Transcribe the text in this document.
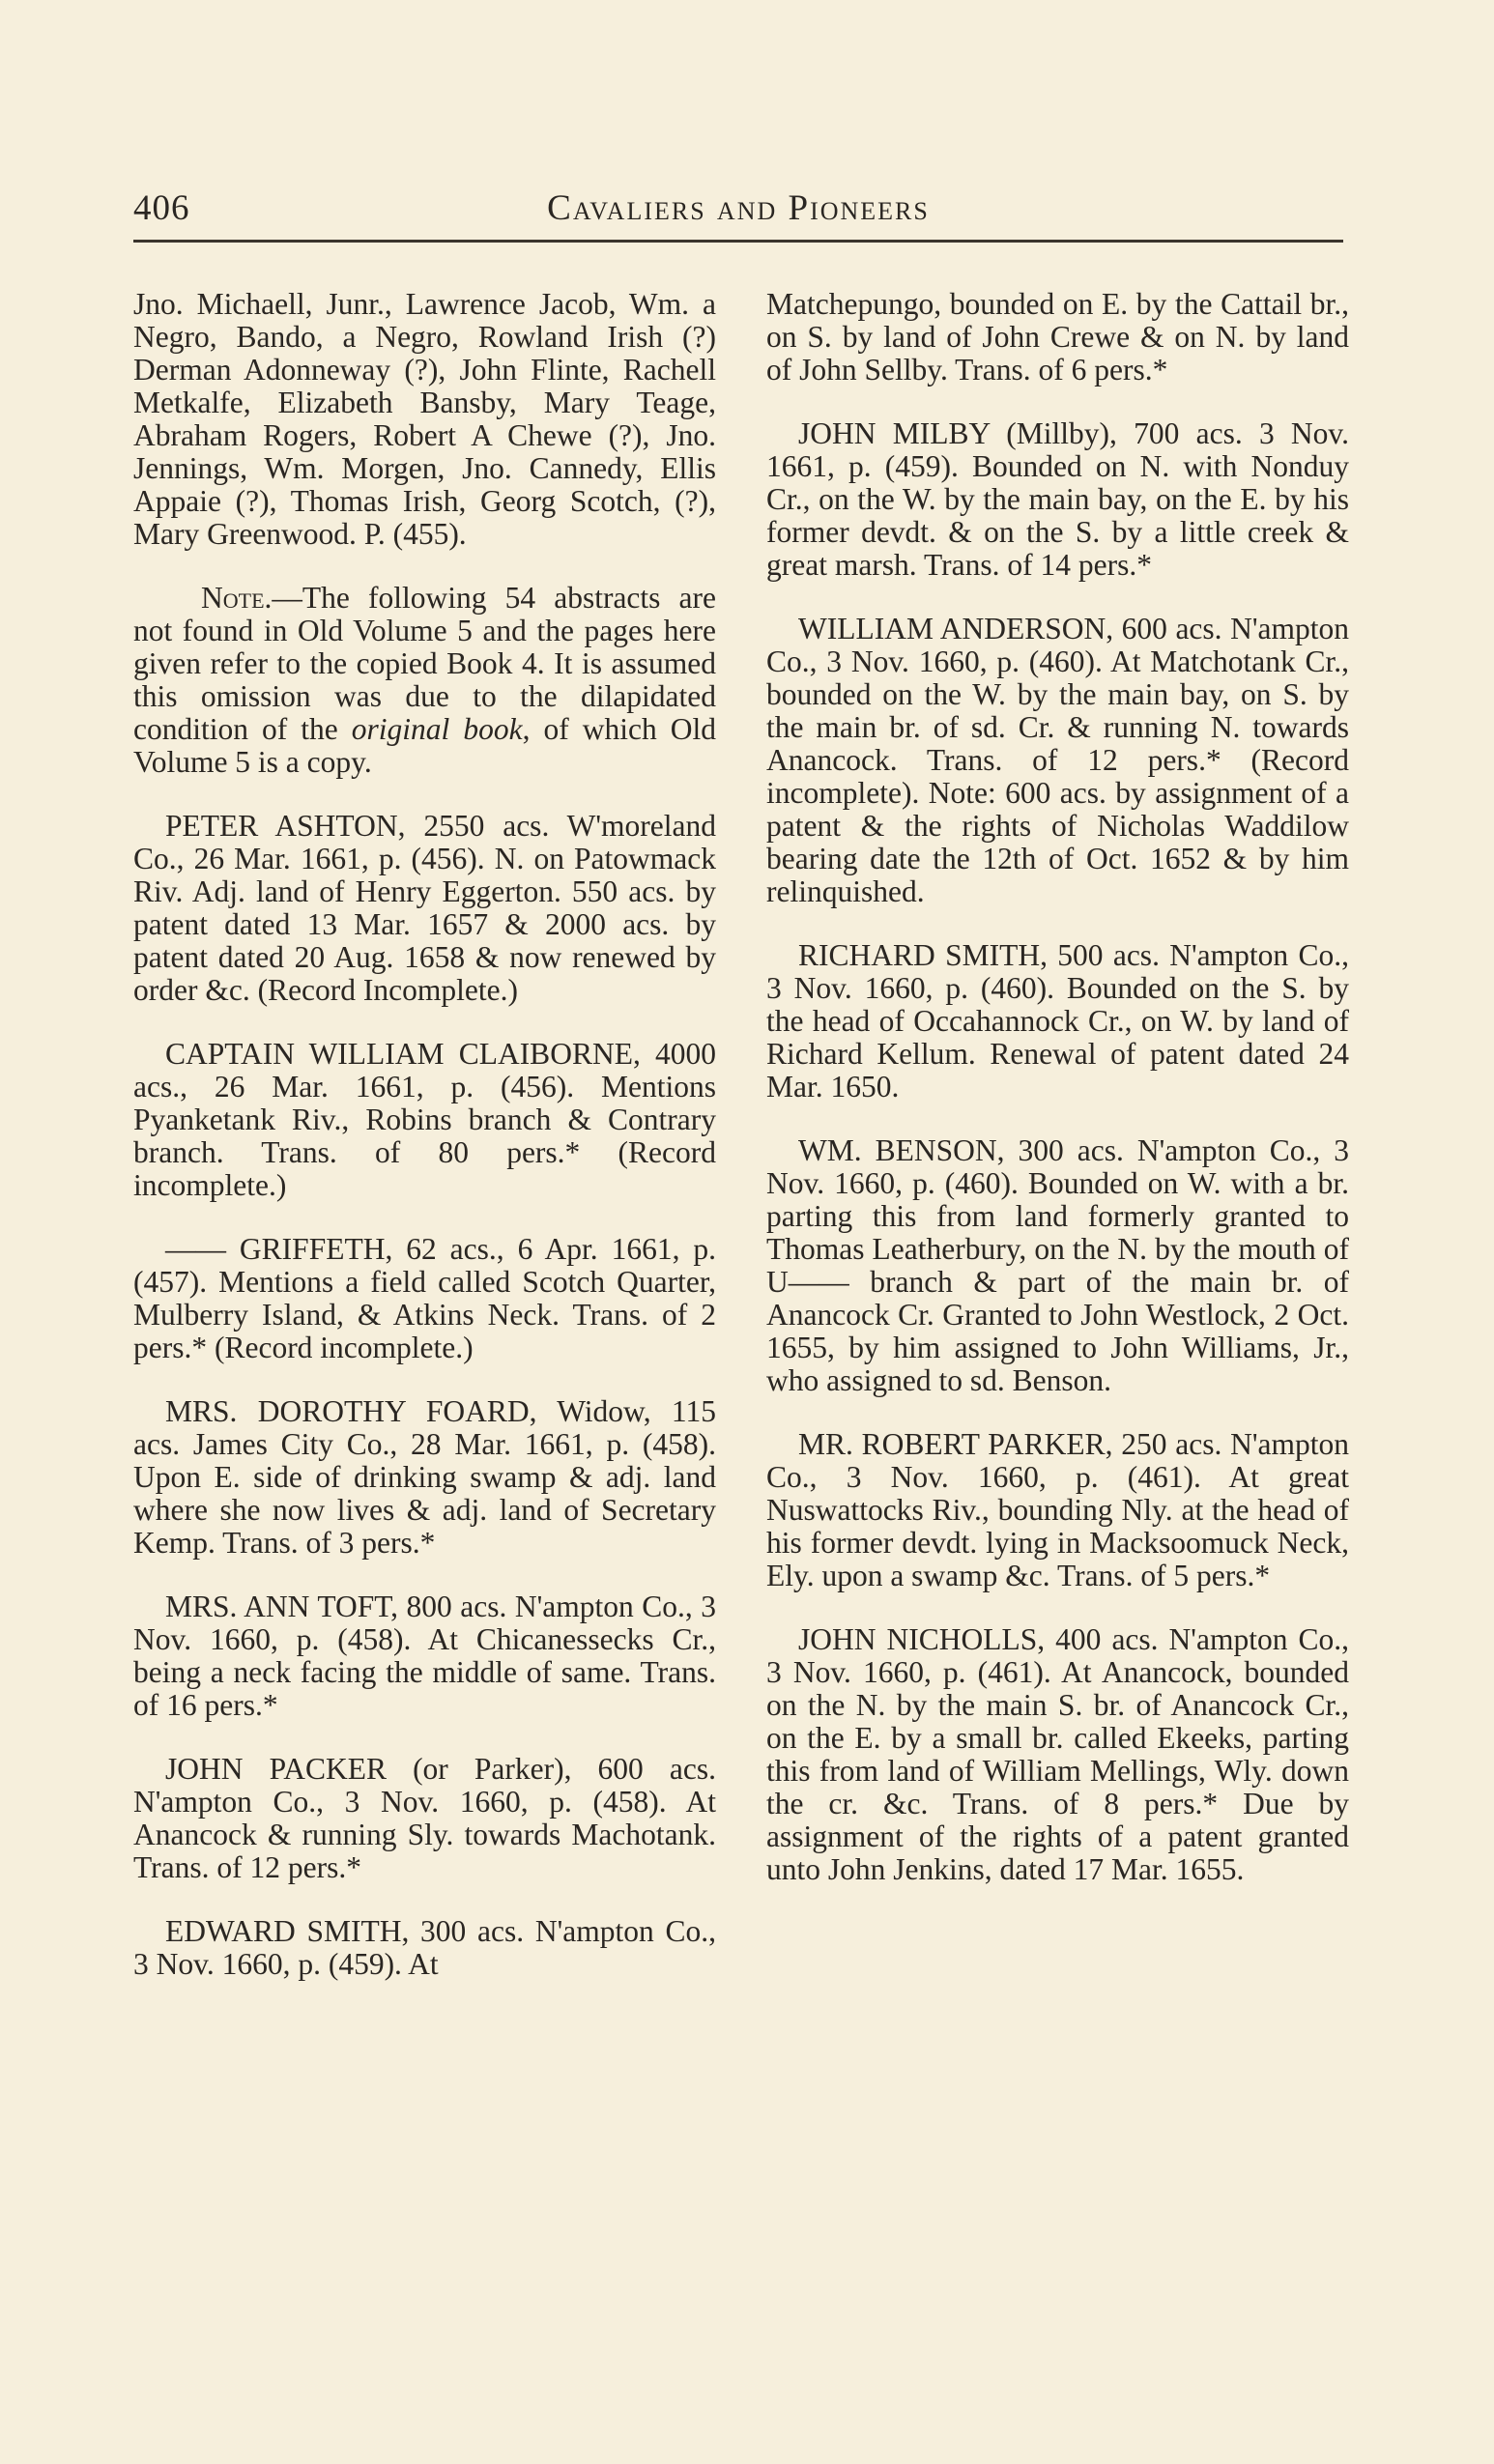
406	Cavaliers and Pioneers

Jno. Michaell, Junr., Lawrence Jacob, Wm. a Negro, Bando, a Negro, Rowland Irish (?) Derman Adonneway (?), John Flinte, Rachell Metkalfe, Elizabeth Bansby, Mary Teage, Abraham Rogers, Robert A Chewe (?), Jno. Jennings, Wm. Morgen, Jno. Cannedy, Ellis Appaie (?), Thomas Irish, Georg Scotch, (?), Mary Greenwood. P. (455).

Note.—The following 54 abstracts are not found in Old Volume 5 and the pages here given refer to the copied Book 4. It is assumed this omission was due to the dilapidated condition of the original book, of which Old Volume 5 is a copy.

PETER ASHTON, 2550 acs. W'moreland Co., 26 Mar. 1661, p. (456). N. on Patowmack Riv. Adj. land of Henry Eggerton. 550 acs. by patent dated 13 Mar. 1657 & 2000 acs. by patent dated 20 Aug. 1658 & now renewed by order &c. (Record Incomplete.)

CAPTAIN WILLIAM CLAIBORNE, 4000 acs., 26 Mar. 1661, p. (456). Mentions Pyanketank Riv., Robins branch & Contrary branch. Trans. of 80 pers.* (Record incomplete.)

—— GRIFFETH, 62 acs., 6 Apr. 1661, p. (457). Mentions a field called Scotch Quarter, Mulberry Island, & Atkins Neck. Trans. of 2 pers.* (Record incomplete.)

MRS. DOROTHY FOARD, Widow, 115 acs. James City Co., 28 Mar. 1661, p. (458). Upon E. side of drinking swamp & adj. land where she now lives & adj. land of Secretary Kemp. Trans. of 3 pers.*

MRS. ANN TOFT, 800 acs. N'ampton Co., 3 Nov. 1660, p. (458). At Chicanessecks Cr., being a neck facing the middle of same. Trans. of 16 pers.*

JOHN PACKER (or Parker), 600 acs. N'ampton Co., 3 Nov. 1660, p. (458). At Anancock & running Sly. towards Machotank. Trans. of 12 pers.*

EDWARD SMITH, 300 acs. N'ampton Co., 3 Nov. 1660, p. (459). At

Matchepungo, bounded on E. by the Cattail br., on S. by land of John Crewe & on N. by land of John Sellby. Trans. of 6 pers.*

JOHN MILBY (Millby), 700 acs. 3 Nov. 1661, p. (459). Bounded on N. with Nonduy Cr., on the W. by the main bay, on the E. by his former devdt. & on the S. by a little creek & great marsh. Trans. of 14 pers.*

WILLIAM ANDERSON, 600 acs. N'ampton Co., 3 Nov. 1660, p. (460). At Matchotank Cr., bounded on the W. by the main bay, on S. by the main br. of sd. Cr. & running N. towards Anancock. Trans. of 12 pers.* (Record incomplete). Note: 600 acs. by assignment of a patent & the rights of Nicholas Waddilow bearing date the 12th of Oct. 1652 & by him relinquished.

RICHARD SMITH, 500 acs. N'ampton Co., 3 Nov. 1660, p. (460). Bounded on the S. by the head of Occahannock Cr., on W. by land of Richard Kellum. Renewal of patent dated 24 Mar. 1650.

WM. BENSON, 300 acs. N'ampton Co., 3 Nov. 1660, p. (460). Bounded on W. with a br. parting this from land formerly granted to Thomas Leatherbury, on the N. by the mouth of U—— branch & part of the main br. of Anancock Cr. Granted to John Westlock, 2 Oct. 1655, by him assigned to John Williams, Jr., who assigned to sd. Benson.

MR. ROBERT PARKER, 250 acs. N'ampton Co., 3 Nov. 1660, p. (461). At great Nuswattocks Riv., bounding Nly. at the head of his former devdt. lying in Macksoomuck Neck, Ely. upon a swamp &c. Trans. of 5 pers.*

JOHN NICHOLLS, 400 acs. N'ampton Co., 3 Nov. 1660, p. (461). At Anancock, bounded on the N. by the main S. br. of Anancock Cr., on the E. by a small br. called Ekeeks, parting this from land of William Mellings, Wly. down the cr. &c. Trans. of 8 pers.* Due by assignment of the rights of a patent granted unto John Jenkins, dated 17 Mar. 1655.
